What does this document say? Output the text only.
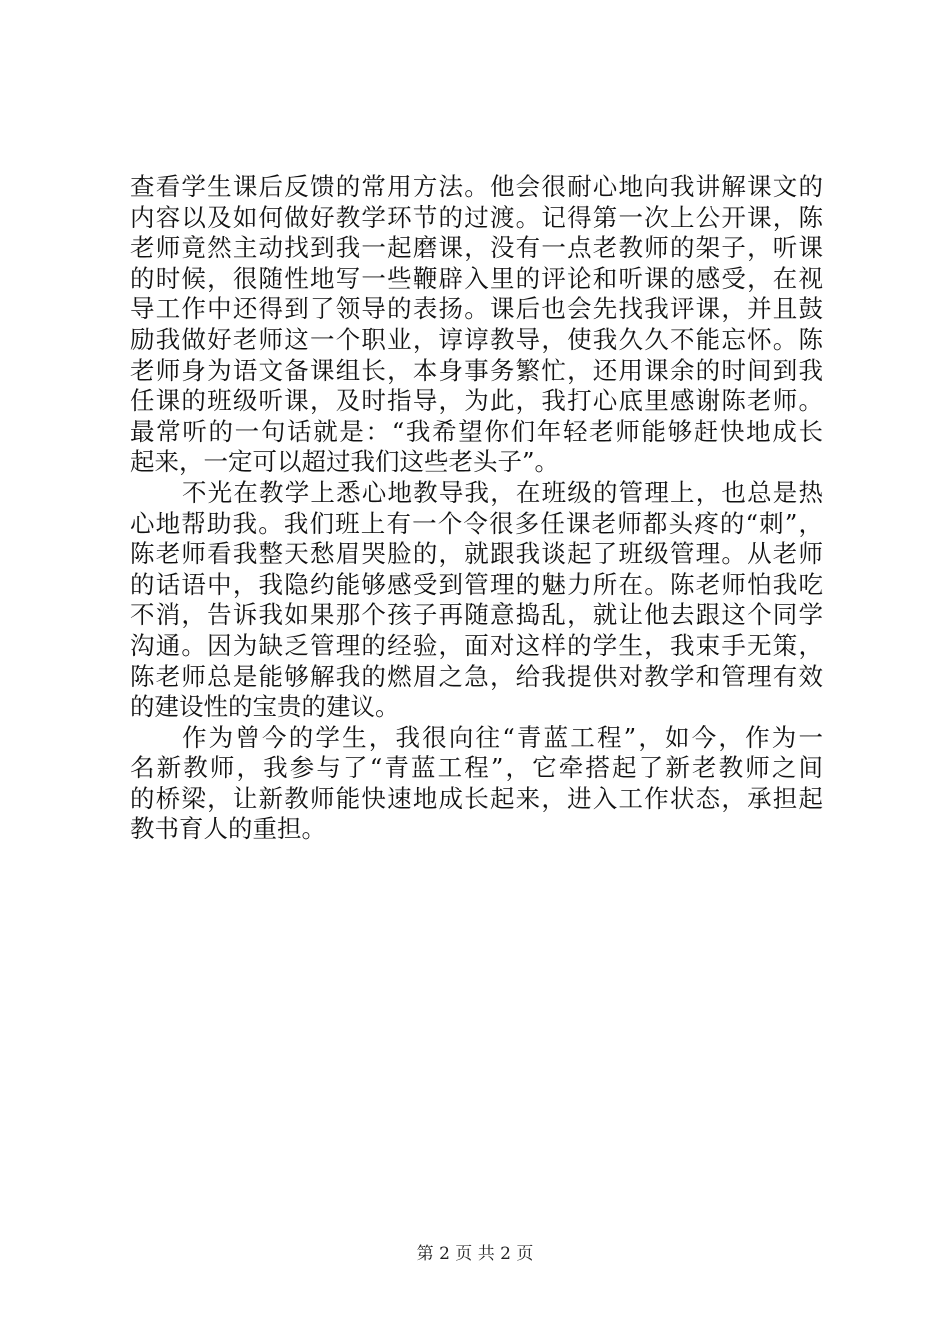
查看学生课后反馈的常用方法。他会很耐心地向我讲解课文的
内容以及如何做好教学环节的过渡。记得第一次上公开课，陈
老师竟然主动找到我一起磨课，没有一点老教师的架子，听课
的时候，很随性地写一些鞭辟入里的评论和听课的感受，在视
导工作中还得到了领导的表扬。课后也会先找我评课，并且鼓
励我做好老师这一个职业，谆谆教导，使我久久不能忘怀。陈
老师身为语文备课组长，本身事务繁忙，还用课余的时间到我
任课的班级听课，及时指导，为此，我打心底里感谢陈老师。
最常听的一句话就是：“我希望你们年轻老师能够赶快地成长
起来，一定可以超过我们这些老头子”。
不光在教学上悉心地教导我，在班级的管理上，也总是热
心地帮助我。我们班上有一个令很多任课老师都头疼的“刺”，
陈老师看我整天愁眉哭脸的，就跟我谈起了班级管理。从老师
的话语中，我隐约能够感受到管理的魅力所在。陈老师怕我吃
不消，告诉我如果那个孩子再随意捣乱，就让他去跟这个同学
沟通。因为缺乏管理的经验，面对这样的学生，我束手无策，
陈老师总是能够解我的燃眉之急，给我提供对教学和管理有效
的建设性的宝贵的建议。
作为曾今的学生，我很向往“青蓝工程”，如今，作为一
名新教师，我参与了“青蓝工程”，它牵搭起了新老教师之间
的桥梁，让新教师能快速地成长起来，进入工作状态，承担起
教书育人的重担。
第 2 页 共 2 页
